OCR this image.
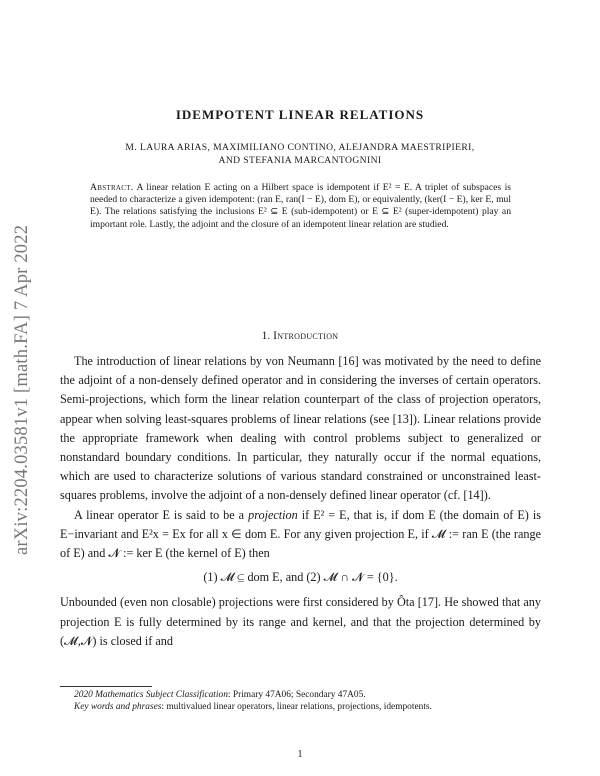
arXiv:2204.03581v1 [math.FA] 7 Apr 2022
IDEMPOTENT LINEAR RELATIONS
M. LAURA ARIAS, MAXIMILIANO CONTINO, ALEJANDRA MAESTRIPIERI,
AND STEFANIA MARCANTOGNINI
Abstract. A linear relation E acting on a Hilbert space is idempotent if E² = E. A triplet of subspaces is needed to characterize a given idempotent: (ran E, ran(I − E), dom E), or equivalently, (ker(I − E), ker E, mul E). The relations satisfying the inclusions E² ⊆ E (sub-idempotent) or E ⊆ E² (super-idempotent) play an important role. Lastly, the adjoint and the closure of an idempotent linear relation are studied.
1. Introduction

The introduction of linear relations by von Neumann [16] was motivated by the need to define the adjoint of a non-densely defined operator and in considering the inverses of certain operators. Semi-projections, which form the linear relation counterpart of the class of projection operators, appear when solving least-squares problems of linear relations (see [13]). Linear relations provide the appropriate framework when dealing with control problems subject to generalized or nonstandard boundary conditions. In particular, they naturally occur if the normal equations, which are used to characterize solutions of various standard constrained or unconstrained least-squares problems, involve the adjoint of a non-densely defined linear operator (cf. [14]).

A linear operator E is said to be a projection if E² = E, that is, if dom E (the domain of E) is E−invariant and E²x = Ex for all x ∈ dom E. For any given projection E, if 𝓜 := ran E (the range of E) and 𝓝 := ker E (the kernel of E) then

(1) 𝓜 ⊆ dom E, and (2) 𝓜 ∩ 𝓝 = {0}.

Unbounded (even non closable) projections were first considered by Ôta [17]. He showed that any projection E is fully determined by its range and kernel, and that the projection determined by (𝓜,𝓝) is closed if and

2020 Mathematics Subject Classification: Primary 47A06; Secondary 47A05.

Key words and phrases: multivalued linear operators, linear relations, projections, idempotents.

1
